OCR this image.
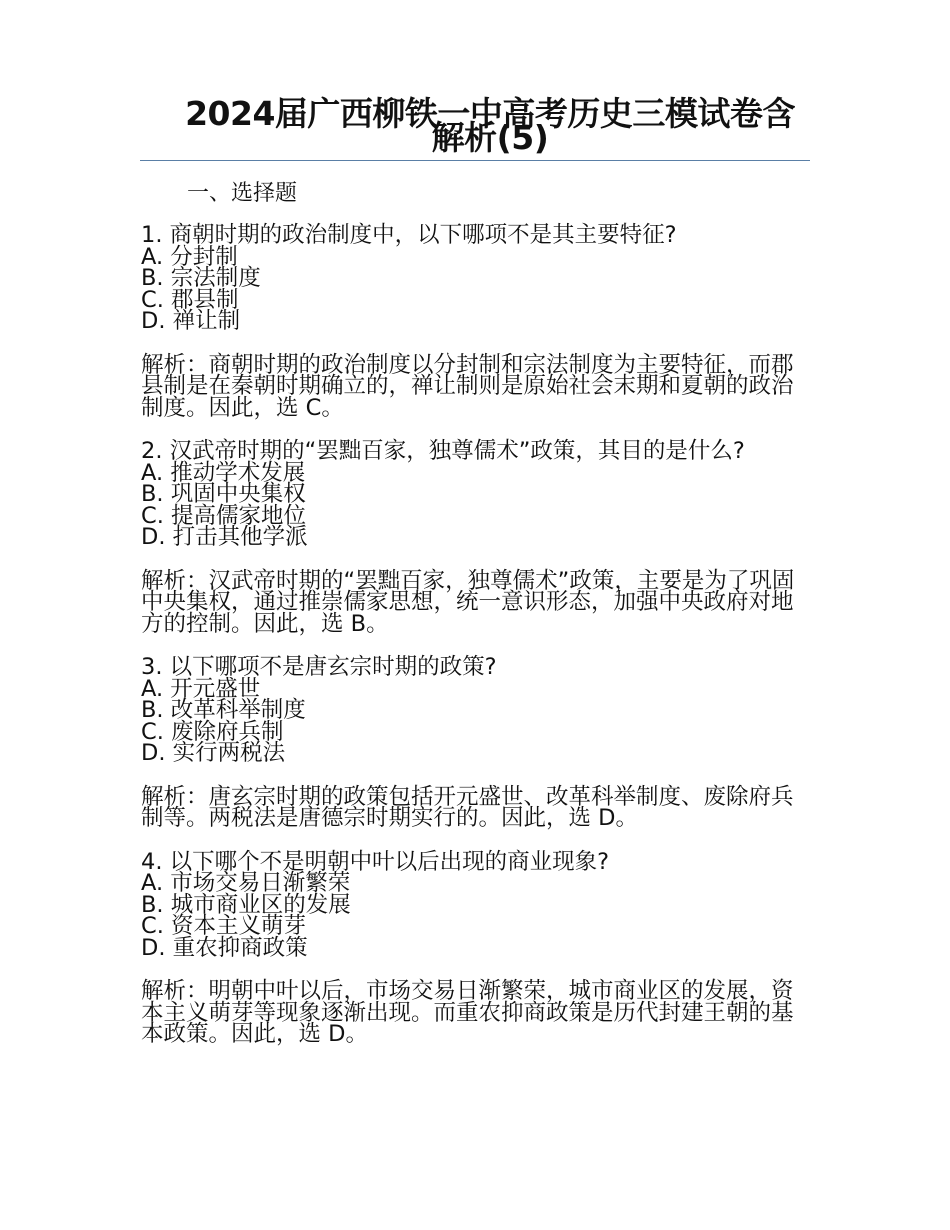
2024届广西柳铁一中高考历史三模试卷含解析(5)
一、选择题
1. 商朝时期的政治制度中，以下哪项不是其主要特征?
A. 分封制
B. 宗法制度
C. 郡县制
D. 禅让制
解析：商朝时期的政治制度以分封制和宗法制度为主要特征，而郡县制是在秦朝时期确立的，禅让制则是原始社会末期和夏朝的政治制度。因此，选 C。
2. 汉武帝时期的“罢黜百家，独尊儒术”政策，其目的是什么?
A. 推动学术发展
B. 巩固中央集权
C. 提高儒家地位
D. 打击其他学派
解析：汉武帝时期的“罢黜百家，独尊儒术”政策，主要是为了巩固中央集权，通过推崇儒家思想，统一意识形态，加强中央政府对地方的控制。因此，选 B。
3. 以下哪项不是唐玄宗时期的政策?
A. 开元盛世
B. 改革科举制度
C. 废除府兵制
D. 实行两税法
解析：唐玄宗时期的政策包括开元盛世、改革科举制度、废除府兵制等。两税法是唐德宗时期实行的。因此，选 D。
4. 以下哪个不是明朝中叶以后出现的商业现象?
A. 市场交易日渐繁荣
B. 城市商业区的发展
C. 资本主义萌芽
D. 重农抑商政策
解析：明朝中叶以后，市场交易日渐繁荣，城市商业区的发展，资本主义萌芽等现象逐渐出现。而重农抑商政策是历代封建王朝的基本政策。因此，选 D。
